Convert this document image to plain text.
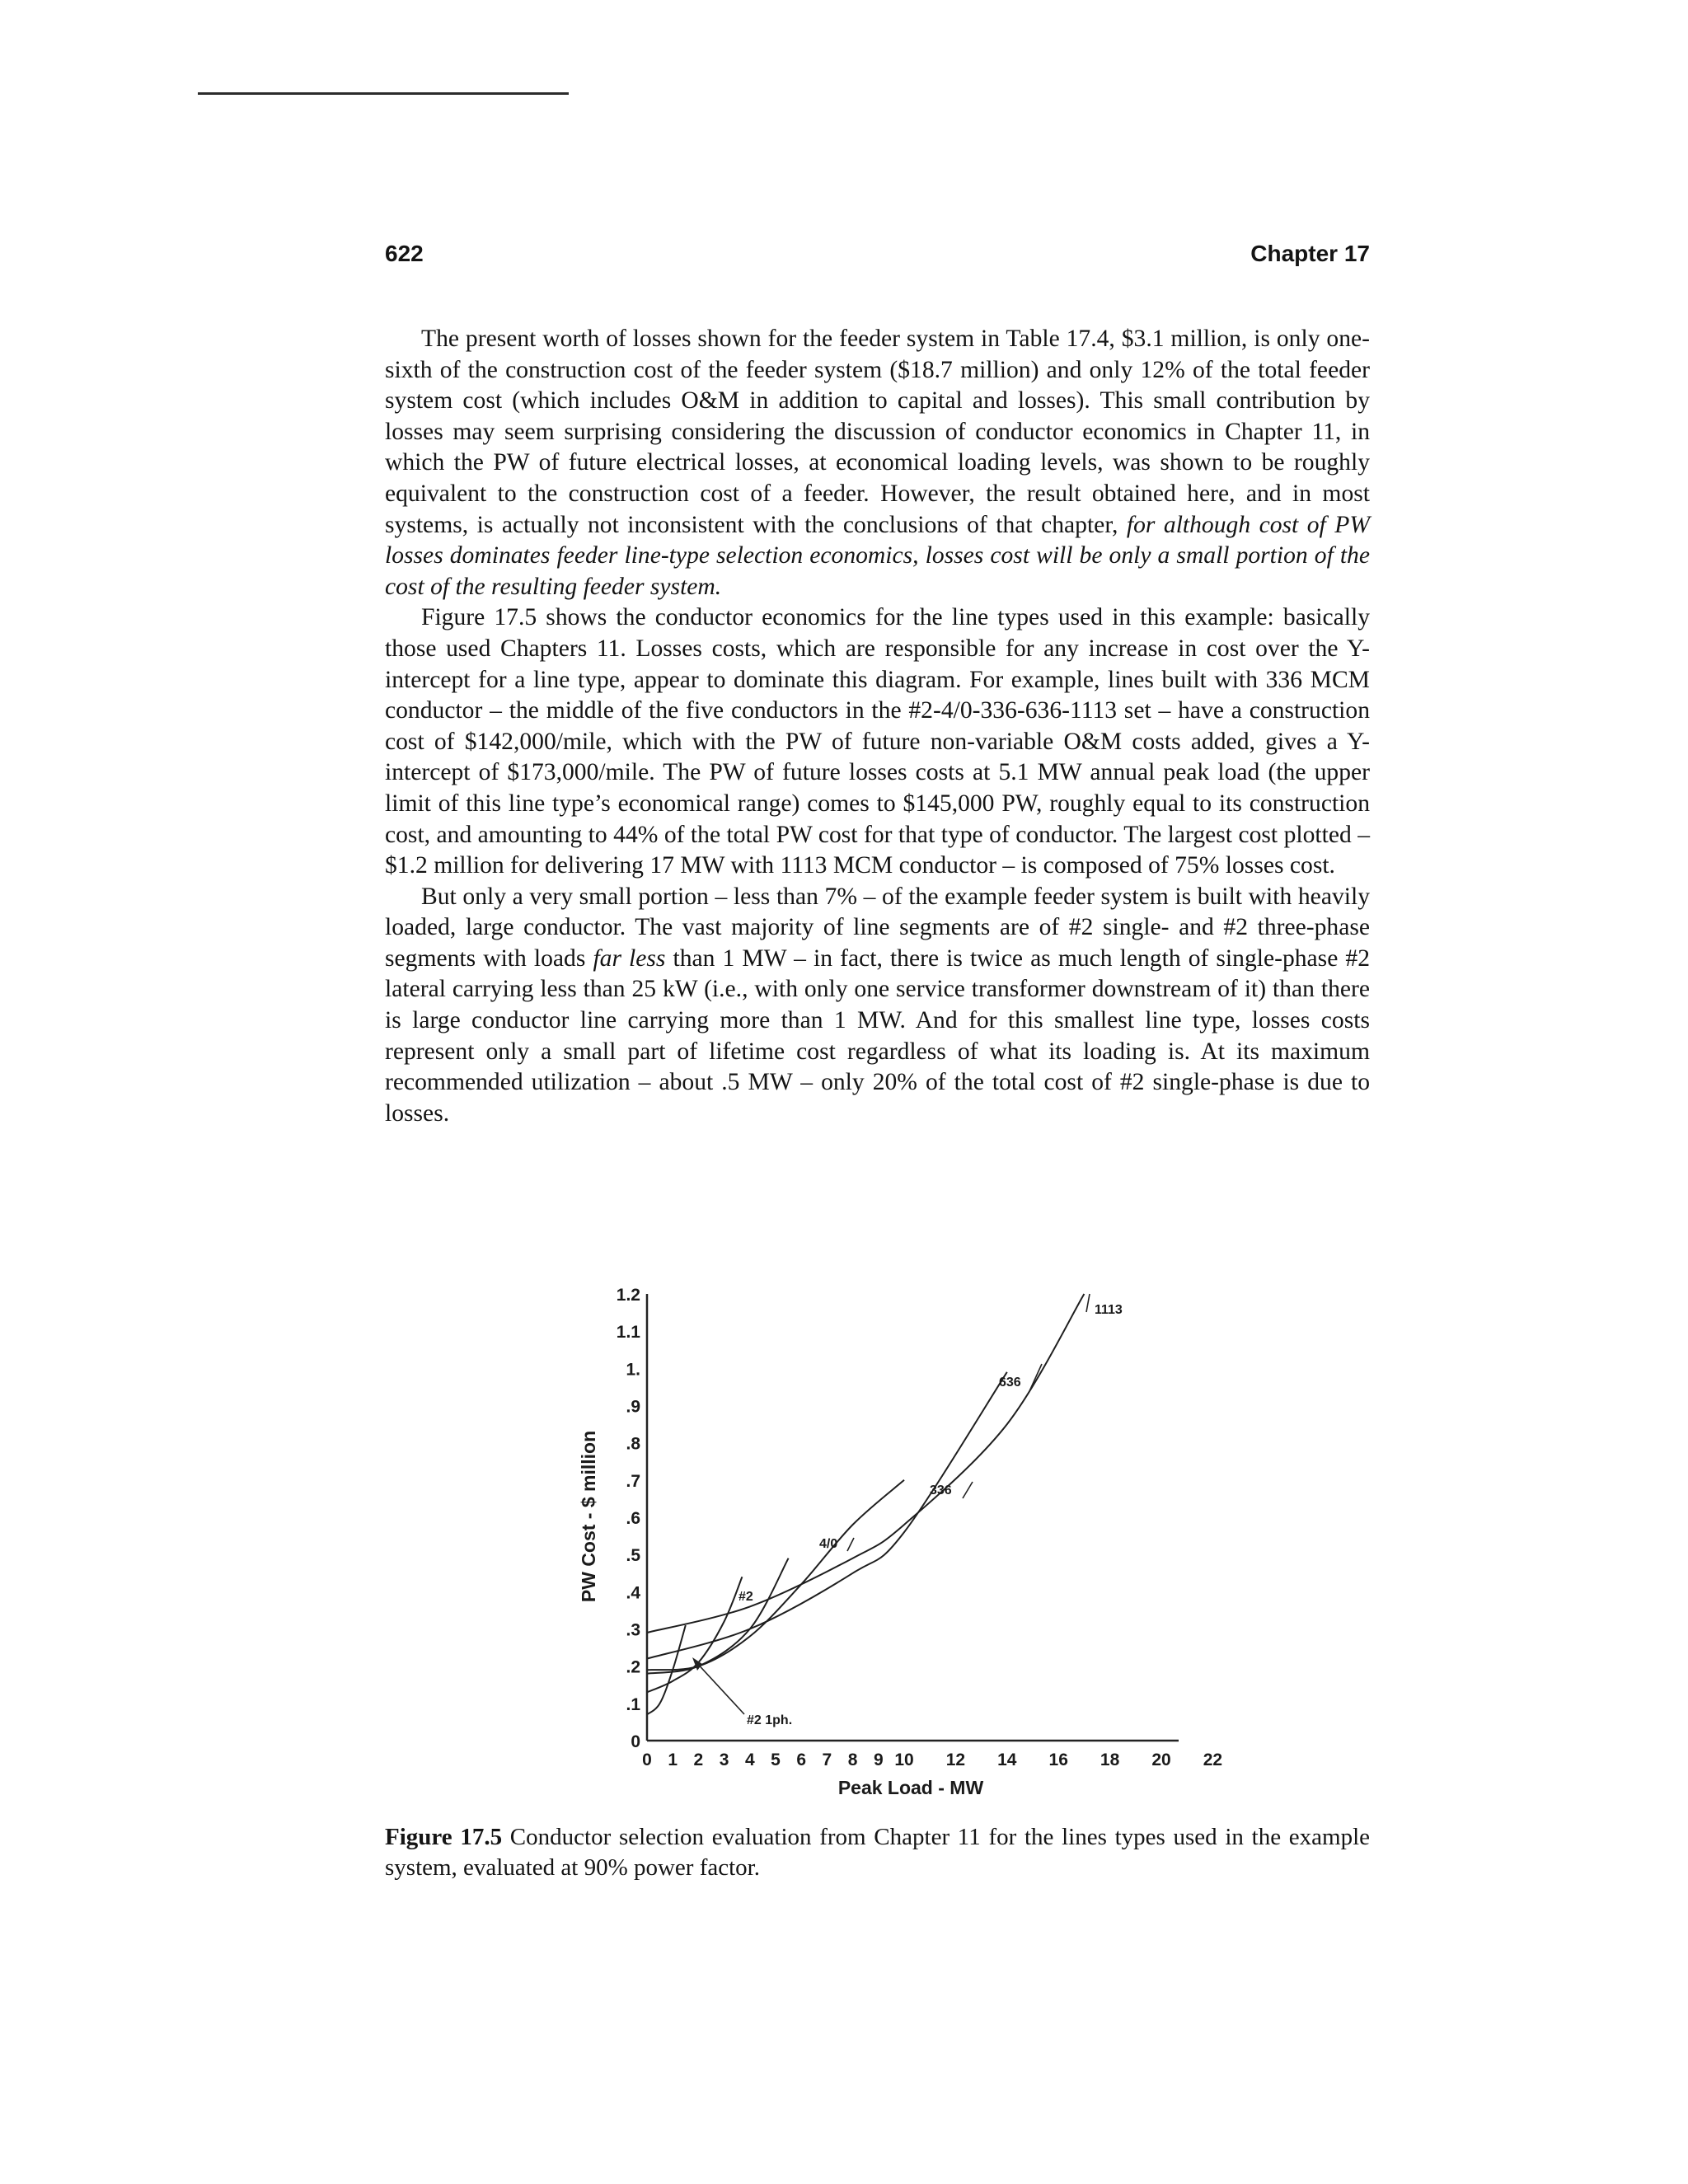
622	Chapter 17

The present worth of losses shown for the feeder system in Table 17.4, $3.1 million, is only one-sixth of the construction cost of the feeder system ($18.7 million) and only 12% of the total feeder system cost (which includes O&M in addition to capital and losses). This small contribution by losses may seem surprising considering the discussion of conductor economics in Chapter 11, in which the PW of future electrical losses, at economical loading levels, was shown to be roughly equivalent to the construction cost of a feeder. However, the result obtained here, and in most systems, is actually not inconsistent with the conclusions of that chapter, for although cost of PW losses dominates feeder line-type selection economics, losses cost will be only a small portion of the cost of the resulting feeder system.

Figure 17.5 shows the conductor economics for the line types used in this example: basically those used Chapters 11. Losses costs, which are responsible for any increase in cost over the Y-intercept for a line type, appear to dominate this diagram. For example, lines built with 336 MCM conductor – the middle of the five conductors in the #2-4/0-336-636-1113 set – have a construction cost of $142,000/mile, which with the PW of future non-variable O&M costs added, gives a Y-intercept of $173,000/mile. The PW of future losses costs at 5.1 MW annual peak load (the upper limit of this line type’s economical range) comes to $145,000 PW, roughly equal to its construction cost, and amounting to 44% of the total PW cost for that type of conductor. The largest cost plotted – $1.2 million for delivering 17 MW with 1113 MCM conductor – is composed of 75% losses cost.

But only a very small portion – less than 7% – of the example feeder system is built with heavily loaded, large conductor. The vast majority of line segments are of #2 single- and #2 three-phase segments with loads far less than 1 MW – in fact, there is twice as much length of single-phase #2 lateral carrying less than 25 kW (i.e., with only one service transformer downstream of it) than there is large conductor line carrying more than 1 MW. And for this smallest line type, losses costs represent only a small part of lifetime cost regardless of what its loading is. At its maximum recommended utilization – about .5 MW – only 20% of the total cost of #2 single-phase is due to losses.

0
.1
.2
.3
.4
.5
.6
.7
.8
.9
1.
1.1
1.2
0 1 2 3 4 5 6 7 8 9 10 12 14 16 18 20 22
PW Cost - $ million
Peak Load - MW
1113
636
336
4/0
#2
#2 1ph.
Figure 17.5 Conductor selection evaluation from Chapter 11 for the lines types used in the example system, evaluated at 90% power factor.
